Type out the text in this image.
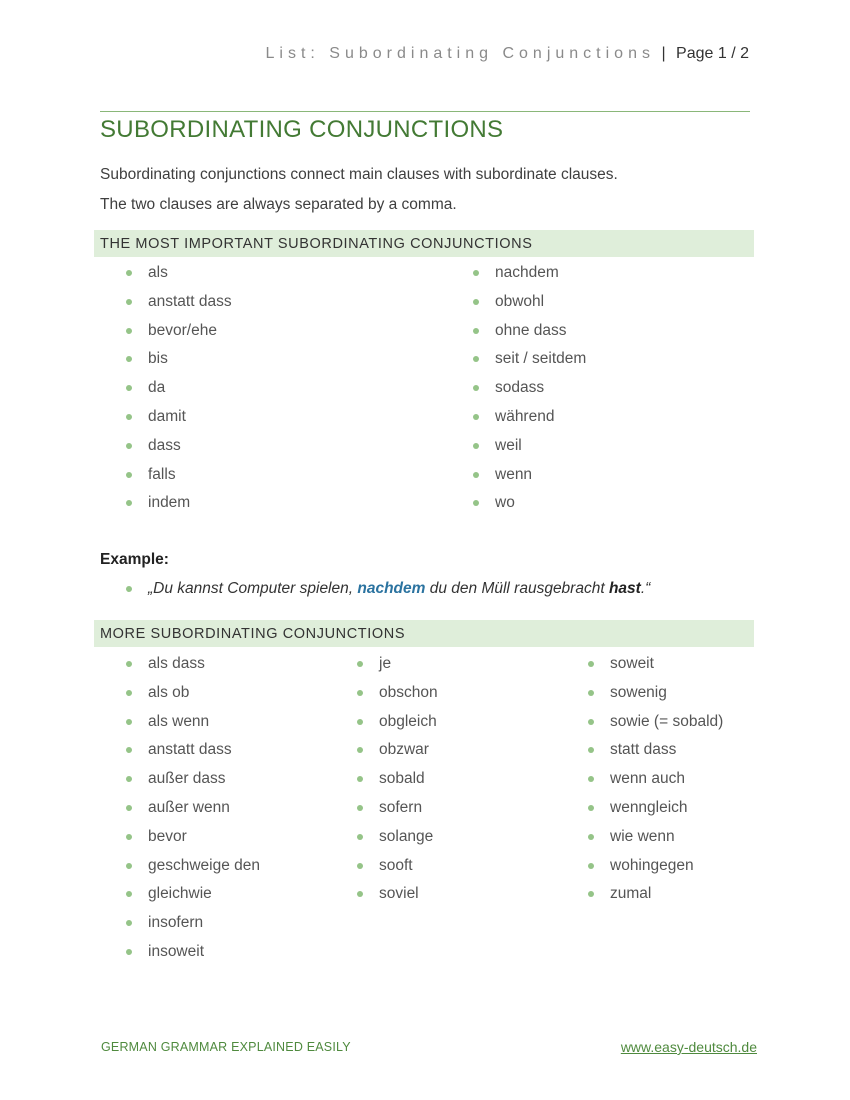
List: Subordinating Conjunctions | Page 1 / 2
SUBORDINATING CONJUNCTIONS

Subordinating conjunctions connect main clauses with subordinate clauses.

The two clauses are always separated by a comma.

THE MOST IMPORTANT SUBORDINATING CONJUNCTIONS
als
anstatt dass
bevor/ehe
bis
da
damit
dass
falls
indem
nachdem
obwohl
ohne dass
seit / seitdem
sodass
während
weil
wenn
wo
Example:
„Du kannst Computer spielen, nachdem du den Müll rausgebracht hast.“
MORE SUBORDINATING CONJUNCTIONS
als dass
als ob
als wenn
anstatt dass
außer dass
außer wenn
bevor
geschweige den
gleichwie
insofern
insoweit
je
obschon
obgleich
obzwar
sobald
sofern
solange
sooft
soviel
soweit
sowenig
sowie (= sobald)
statt dass
wenn auch
wenngleich
wie wenn
wohingegen
zumal
GERMAN GRAMMAR EXPLAINED EASILY	www.easy-deutsch.de
